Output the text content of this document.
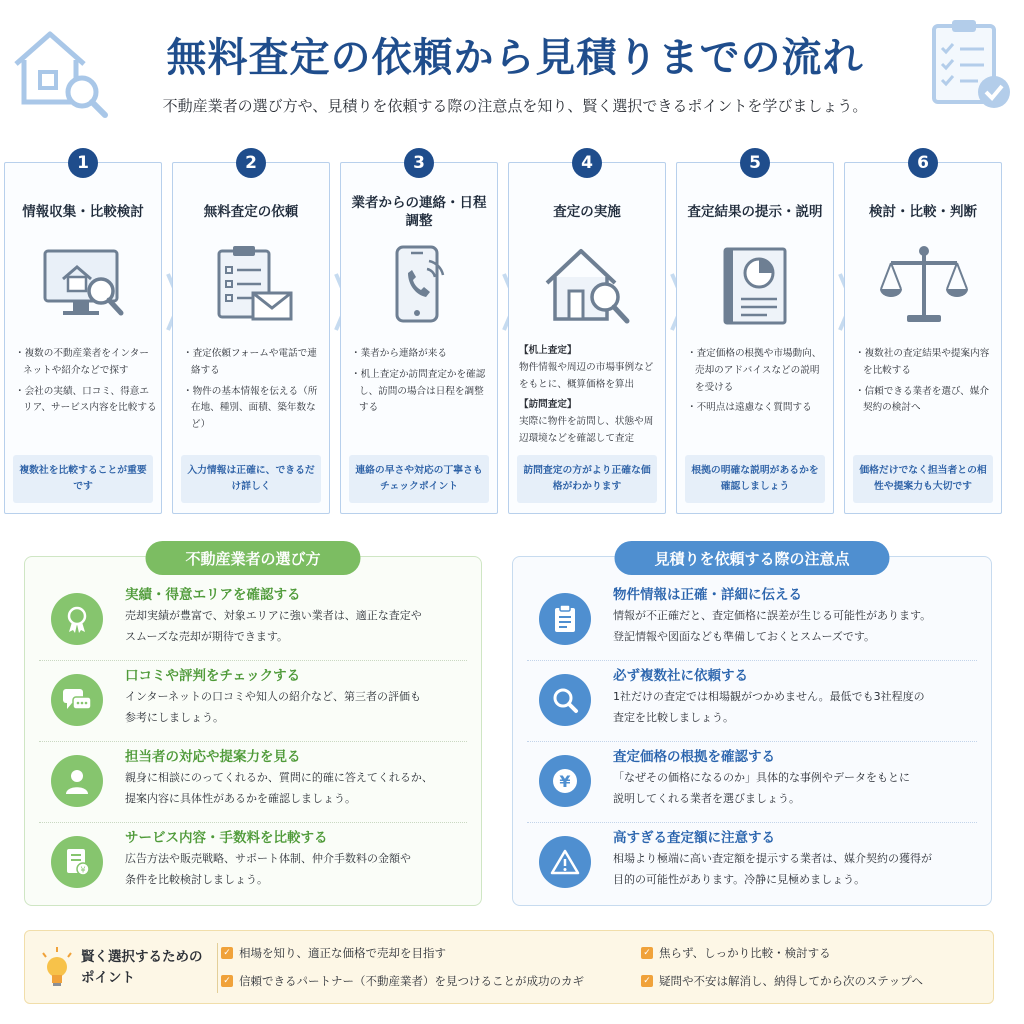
無料査定の依頼から見積りまでの流れ
不動産業者の選び方や、見積りを依頼する際の注意点を知り、賢く選択できるポイントを学びましょう。
情報収集・比較検討
・複数の不動産業者をインターネットや紹介などで探す
・会社の実績、口コミ、得意エリア、サービス内容を比較する
複数社を比較することが重要です
無料査定の依頼
・査定依頼フォームや電話で連絡する
・物件の基本情報を伝える（所在地、種別、面積、築年数など）
入力情報は正確に、できるだけ詳しく
業者からの連絡・日程調整
・業者から連絡が来る
・机上査定か訪問査定かを確認し、訪問の場合は日程を調整する
連絡の早さや対応の丁寧さもチェックポイント
査定の実施
【机上査定】
物件情報や周辺の市場事例などをもとに、概算価格を算出
【訪問査定】
実際に物件を訪問し、状態や周辺環境などを確認して査定
訪問査定の方がより正確な価格がわかります
査定結果の提示・説明
・査定価格の根拠や市場動向、売却のアドバイスなどの説明を受ける
・不明点は遠慮なく質問する
根拠の明確な説明があるかを確認しましょう
検討・比較・判断
・複数社の査定結果や提案内容を比較する
・信頼できる業者を選び、媒介契約の検討へ
価格だけでなく担当者との相性や提案力も大切です
1	2	3	4	5	6
不動産業者の選び方
実績・得意エリアを確認する
売却実績が豊富で、対象エリアに強い業者は、適正な査定や
スムーズな売却が期待できます。
口コミや評判をチェックする
インターネットの口コミや知人の紹介など、第三者の評価も
参考にしましょう。
担当者の対応や提案力を見る
親身に相談にのってくれるか、質問に的確に答えてくれるか、
提案内容に具体性があるかを確認しましょう。
¥
サービス内容・手数料を比較する
広告方法や販売戦略、サポート体制、仲介手数料の金額や
条件を比較検討しましょう。
見積りを依頼する際の注意点
物件情報は正確・詳細に伝える
情報が不正確だと、査定価格に誤差が生じる可能性があります。
登記情報や図面なども準備しておくとスムーズです。
必ず複数社に依頼する
1社だけの査定では相場観がつかめません。最低でも3社程度の
査定を比較しましょう。
¥
査定価格の根拠を確認する
「なぜその価格になるのか」具体的な事例やデータをもとに
説明してくれる業者を選びましょう。
高すぎる査定額に注意する
相場より極端に高い査定額を提示する業者は、媒介契約の獲得が
目的の可能性があります。冷静に見極めましょう。
賢く選択するためのポイント
✓ 相場を知り、適正な価格で売却を目指す	✓ 焦らず、しっかり比較・検討する
✓ 信頼できるパートナー（不動産業者）を見つけることが成功のカギ	✓ 疑問や不安は解消し、納得してから次のステップへ
